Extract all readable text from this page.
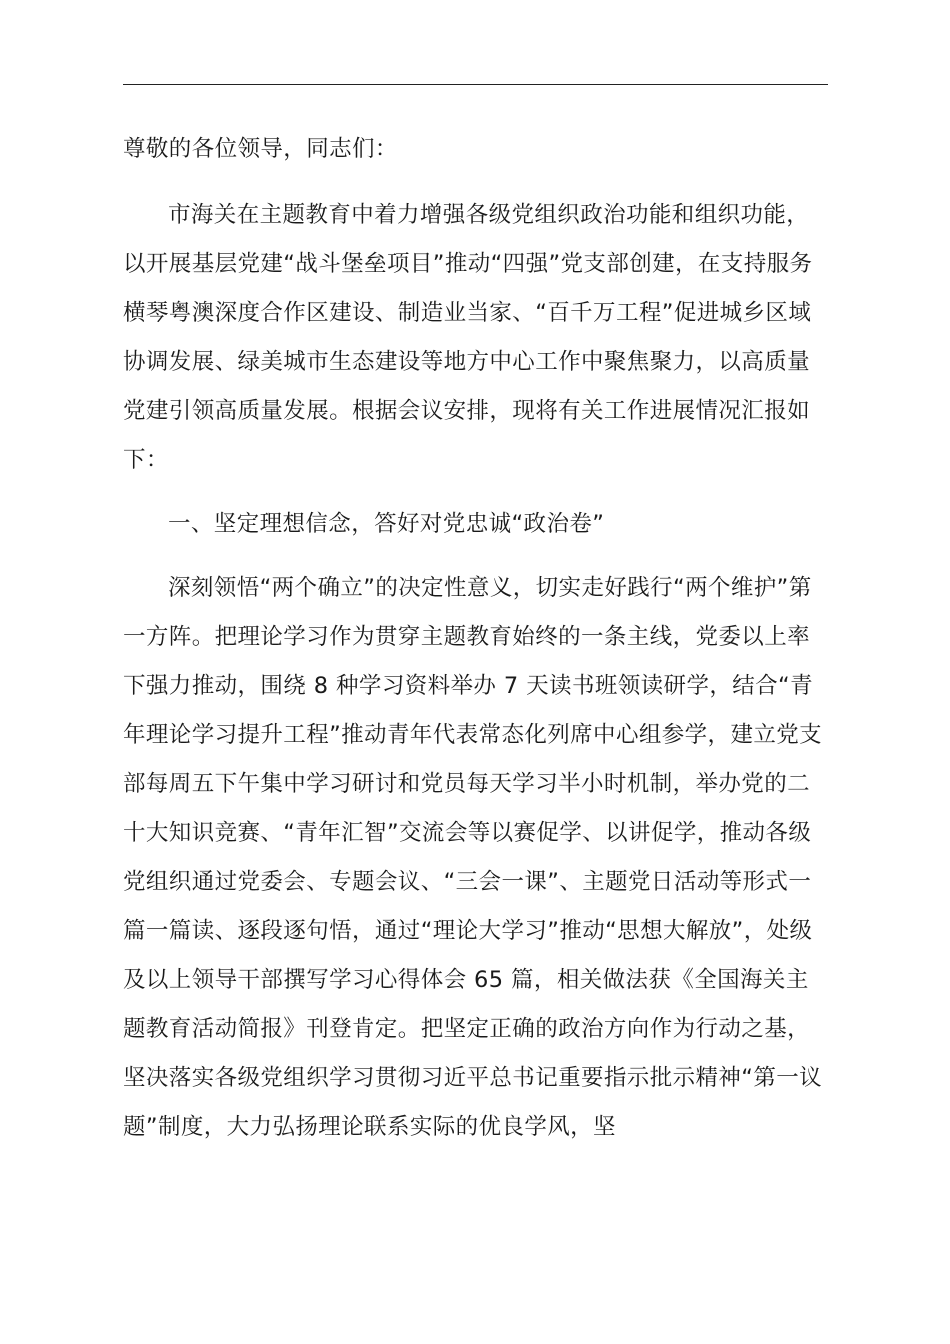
尊敬的各位领导，同志们：

市海关在主题教育中着力增强各级党组织政治功能和组织功能，以开展基层党建“战斗堡垒项目”推动“四强”党支部创建，在支持服务横琴粤澳深度合作区建设、制造业当家、“百千万工程”促进城乡区域协调发展、绿美城市生态建设等地方中心工作中聚焦聚力，以高质量党建引领高质量发展。根据会议安排，现将有关工作进展情况汇报如下：

一、坚定理想信念，答好对党忠诚“政治卷”

深刻领悟“两个确立”的决定性意义，切实走好践行“两个维护”第一方阵。把理论学习作为贯穿主题教育始终的一条主线，党委以上率下强力推动，围绕 8 种学习资料举办 7 天读书班领读研学，结合“青年理论学习提升工程”推动青年代表常态化列席中心组参学，建立党支部每周五下午集中学习研讨和党员每天学习半小时机制，举办党的二十大知识竞赛、“青年汇智”交流会等以赛促学、以讲促学，推动各级党组织通过党委会、专题会议、“三会一课”、主题党日活动等形式一篇一篇读、逐段逐句悟，通过“理论大学习”推动“思想大解放”，处级及以上领导干部撰写学习心得体会 65 篇，相关做法获《全国海关主题教育活动简报》刊登肯定。把坚定正确的政治方向作为行动之基，坚决落实各级党组织学习贯彻习近平总书记重要指示批示精神“第一议题”制度，大力弘扬理论联系实际的优良学风，坚
